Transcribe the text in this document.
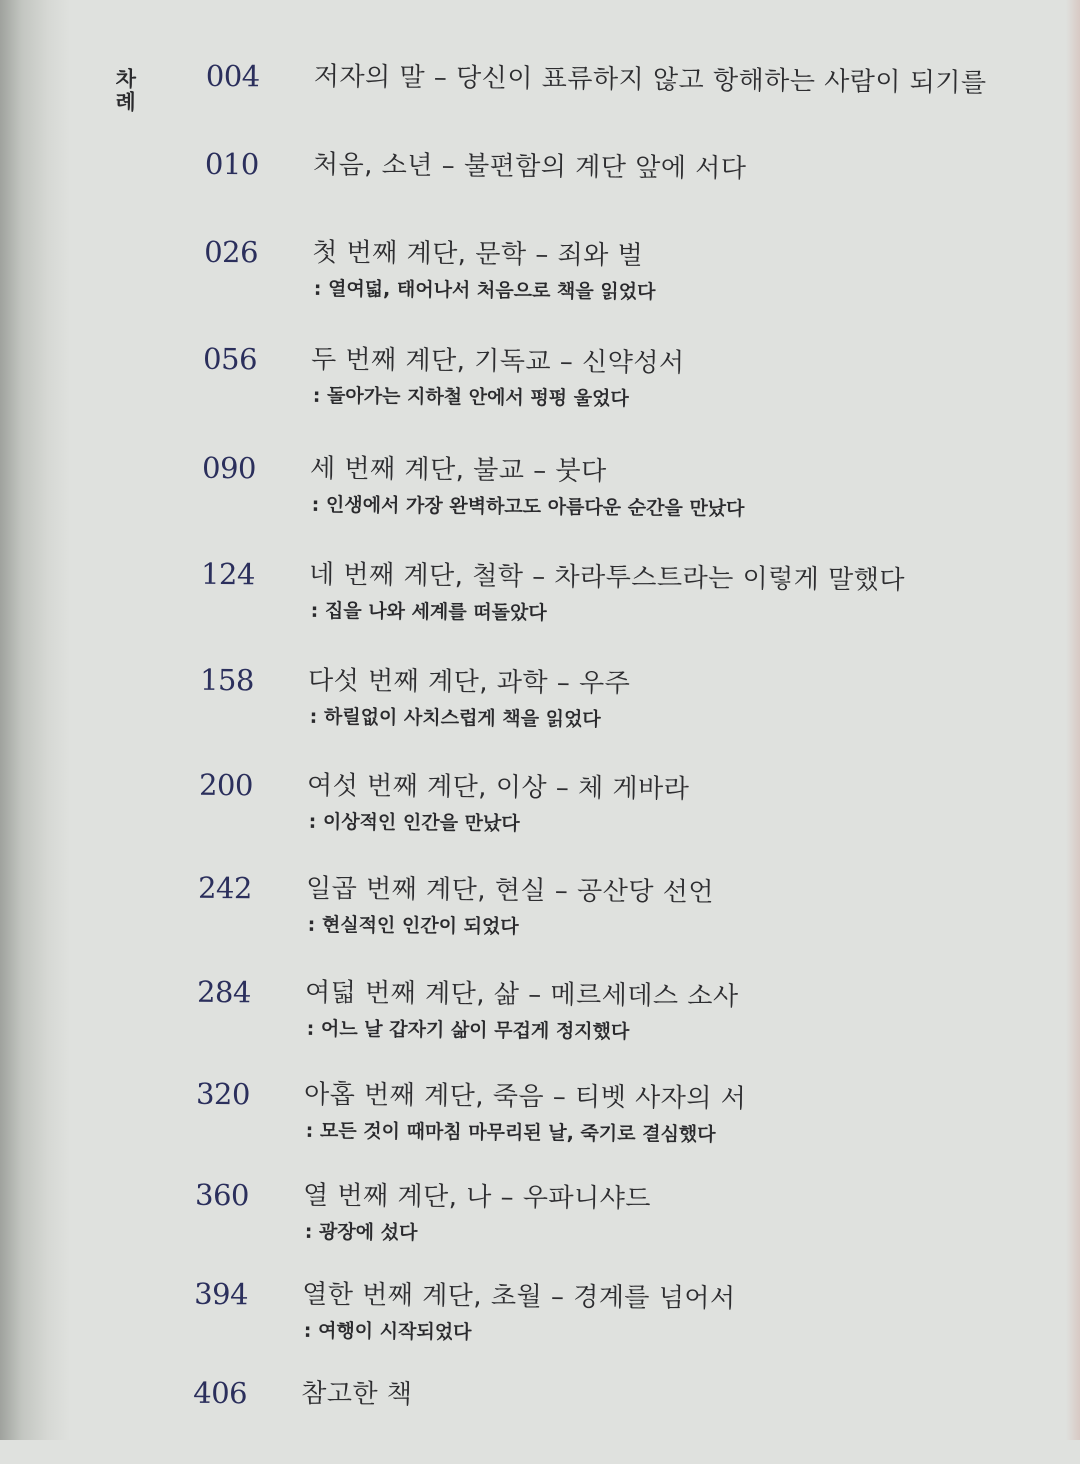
차례
004 저자의 말 – 당신이 표류하지 않고 항해하는 사람이 되기를
010 처음, 소년 – 불편함의 계단 앞에 서다
026 첫 번째 계단, 문학 – 죄와 벌
: 열여덟, 태어나서 처음으로 책을 읽었다
056 두 번째 계단, 기독교 – 신약성서
: 돌아가는 지하철 안에서 펑펑 울었다
090 세 번째 계단, 불교 – 붓다
: 인생에서 가장 완벽하고도 아름다운 순간을 만났다
124 네 번째 계단, 철학 – 차라투스트라는 이렇게 말했다
: 집을 나와 세계를 떠돌았다
158 다섯 번째 계단, 과학 – 우주
: 하릴없이 사치스럽게 책을 읽었다
200 여섯 번째 계단, 이상 – 체 게바라
: 이상적인 인간을 만났다
242 일곱 번째 계단, 현실 – 공산당 선언
: 현실적인 인간이 되었다
284 여덟 번째 계단, 삶 – 메르세데스 소사
: 어느 날 갑자기 삶이 무겁게 정지했다
320 아홉 번째 계단, 죽음 – 티벳 사자의 서
: 모든 것이 때마침 마무리된 날, 죽기로 결심했다
360 열 번째 계단, 나 – 우파니샤드
: 광장에 섰다
394 열한 번째 계단, 초월 – 경계를 넘어서
: 여행이 시작되었다
406 참고한 책
